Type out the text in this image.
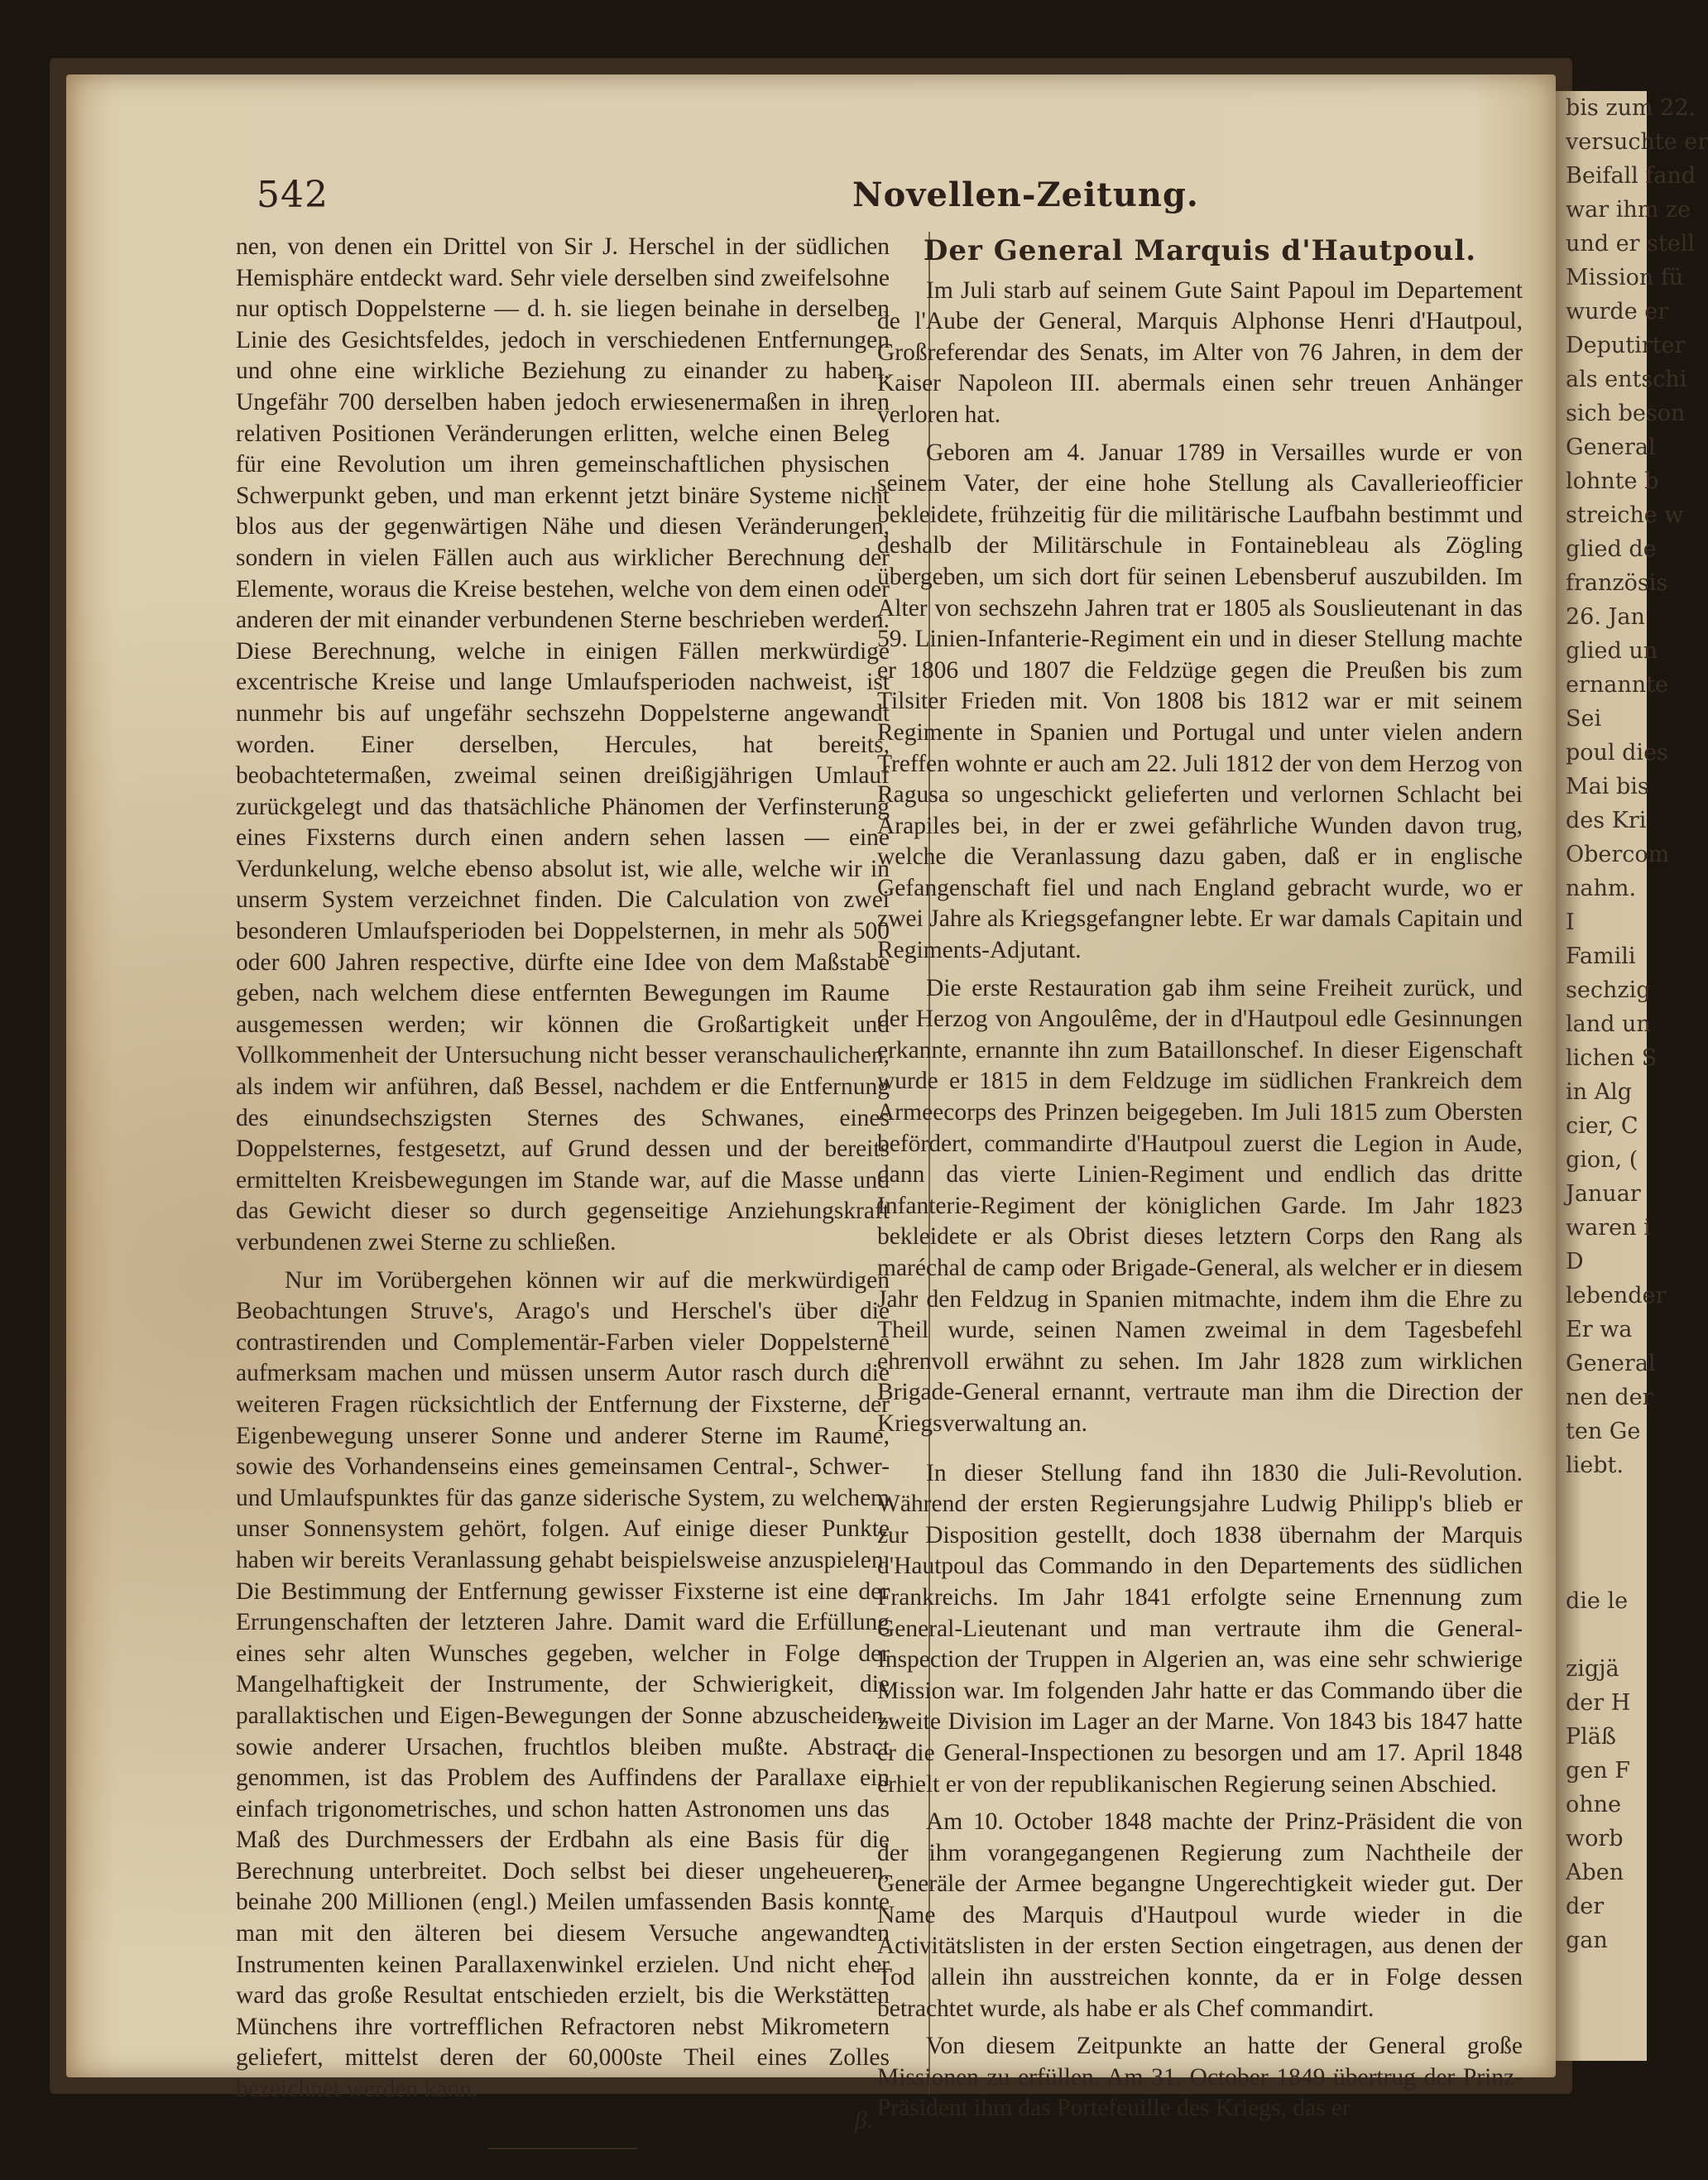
bis zum 22.
versuchte er
Beifall fand
war ihm ze
und er stell
Mission fü
wurde er
Deputirter
als entschi
sich beson
General
lohnte b
streiche w
glied de
französis
26. Jan
glied un
ernannte
Sei
poul dies
Mai bis
des Kri
Obercom
nahm.
I
Famili
sechzig
land un
lichen S
in Alg
cier, C
gion, (
Januar
waren i
D
lebender
Er wa
General
nen der
ten Ge
liebt.

die le

zigjä
der H
Pläß
gen F
ohne
worb
Aben
der
gan
542	Novellen-Zeitung.

nen, von denen ein Drittel von Sir J. Herschel in der südlichen Hemisphäre entdeckt ward. Sehr viele derselben sind zweifelsohne nur optisch Doppelsterne — d. h. sie liegen beinahe in derselben Linie des Gesichtsfeldes, jedoch in verschiedenen Entfernungen und ohne eine wirkliche Beziehung zu einander zu haben. Ungefähr 700 derselben haben jedoch erwiesenermaßen in ihren relativen Positionen Veränderungen erlitten, welche einen Beleg für eine Revolution um ihren gemeinschaftlichen physischen Schwerpunkt geben, und man erkennt jetzt binäre Systeme nicht blos aus der gegenwärtigen Nähe und diesen Veränderungen, sondern in vielen Fällen auch aus wirklicher Berechnung der Elemente, woraus die Kreise bestehen, welche von dem einen oder anderen der mit einander verbundenen Sterne beschrieben werden. Diese Berechnung, welche in einigen Fällen merkwürdige excentrische Kreise und lange Umlaufsperioden nachweist, ist nunmehr bis auf ungefähr sechszehn Doppelsterne angewandt worden. Einer derselben, Hercules, hat bereits, beobachtetermaßen, zweimal seinen dreißigjährigen Umlauf zurückgelegt und das thatsächliche Phänomen der Verfinsterung eines Fixsterns durch einen andern sehen lassen — eine Verdunkelung, welche ebenso absolut ist, wie alle, welche wir in unserm System verzeichnet finden. Die Calculation von zwei besonderen Umlaufsperioden bei Doppelsternen, in mehr als 500 oder 600 Jahren respective, dürfte eine Idee von dem Maßstabe geben, nach welchem diese entfernten Bewegungen im Raume ausgemessen werden; wir können die Großartigkeit und Vollkommenheit der Untersuchung nicht besser veranschaulichen, als indem wir anführen, daß Bessel, nachdem er die Entfernung des einundsechszigsten Sternes des Schwanes, eines Doppelsternes, festgesetzt, auf Grund dessen und der bereits ermittelten Kreisbewegungen im Stande war, auf die Masse und das Gewicht dieser so durch gegenseitige Anziehungskraft verbundenen zwei Sterne zu schließen.

Nur im Vorübergehen können wir auf die merkwürdigen Beobachtungen Struve's, Arago's und Herschel's über die contrastirenden und Complementär-Farben vieler Doppelsterne aufmerksam machen und müssen unserm Autor rasch durch die weiteren Fragen rücksichtlich der Entfernung der Fixsterne, der Eigenbewegung unserer Sonne und anderer Sterne im Raume, sowie des Vorhandenseins eines gemeinsamen Central-, Schwer- und Umlaufspunktes für das ganze siderische System, zu welchem unser Sonnensystem gehört, folgen. Auf einige dieser Punkte haben wir bereits Veranlassung gehabt beispielsweise anzuspielen. Die Bestimmung der Entfernung gewisser Fixsterne ist eine der Errungenschaften der letzteren Jahre. Damit ward die Erfüllung eines sehr alten Wunsches gegeben, welcher in Folge der Mangelhaftigkeit der Instrumente, der Schwierigkeit, die parallaktischen und Eigen-Bewegungen der Sonne abzuscheiden, sowie anderer Ursachen, fruchtlos bleiben mußte. Abstract genommen, ist das Problem des Auffindens der Parallaxe ein einfach trigonometrisches, und schon hatten Astronomen uns das Maß des Durchmessers der Erdbahn als eine Basis für die Berechnung unterbreitet. Doch selbst bei dieser ungeheueren, beinahe 200 Millionen (engl.) Meilen umfassenden Basis konnte man mit den älteren bei diesem Versuche angewandten Instrumenten keinen Parallaxenwinkel erzielen. Und nicht eher ward das große Resultat entschieden erzielt, bis die Werkstätten Münchens ihre vortrefflichen Refractoren nebst Mikrometern geliefert, mittelst deren der 60,000ste Theil eines Zolles bezeichnet werden kann.

β.
Der General Marquis d'Hautpoul.

Im Juli starb auf seinem Gute Saint Papoul im Departement de l'Aube der General, Marquis Alphonse Henri d'Hautpoul, Großreferendar des Senats, im Alter von 76 Jahren, in dem der Kaiser Napoleon III. abermals einen sehr treuen Anhänger verloren hat.

Geboren am 4. Januar 1789 in Versailles wurde er von seinem Vater, der eine hohe Stellung als Cavallerieofficier bekleidete, frühzeitig für die militärische Laufbahn bestimmt und deshalb der Militärschule in Fontainebleau als Zögling übergeben, um sich dort für seinen Lebensberuf auszubilden. Im Alter von sechszehn Jahren trat er 1805 als Souslieutenant in das 59. Linien-Infanterie-Regiment ein und in dieser Stellung machte er 1806 und 1807 die Feldzüge gegen die Preußen bis zum Tilsiter Frieden mit. Von 1808 bis 1812 war er mit seinem Regimente in Spanien und Portugal und unter vielen andern Treffen wohnte er auch am 22. Juli 1812 der von dem Herzog von Ragusa so ungeschickt gelieferten und verlornen Schlacht bei Arapiles bei, in der er zwei gefährliche Wunden davon trug, welche die Veranlassung dazu gaben, daß er in englische Gefangenschaft fiel und nach England gebracht wurde, wo er zwei Jahre als Kriegsgefangner lebte. Er war damals Capitain und Regiments-Adjutant.

Die erste Restauration gab ihm seine Freiheit zurück, und der Herzog von Angoulême, der in d'Hautpoul edle Gesinnungen erkannte, ernannte ihn zum Bataillonschef. In dieser Eigenschaft wurde er 1815 in dem Feldzuge im südlichen Frankreich dem Armeecorps des Prinzen beigegeben. Im Juli 1815 zum Obersten befördert, commandirte d'Hautpoul zuerst die Legion in Aude, dann das vierte Linien-Regiment und endlich das dritte Infanterie-Regiment der königlichen Garde. Im Jahr 1823 bekleidete er als Obrist dieses letztern Corps den Rang als maréchal de camp oder Brigade-General, als welcher er in diesem Jahr den Feldzug in Spanien mitmachte, indem ihm die Ehre zu Theil wurde, seinen Namen zweimal in dem Tagesbefehl ehrenvoll erwähnt zu sehen. Im Jahr 1828 zum wirklichen Brigade-General ernannt, vertraute man ihm die Direction der Kriegsverwaltung an.

In dieser Stellung fand ihn 1830 die Juli-Revolution. Während der ersten Regierungsjahre Ludwig Philipp's blieb er zur Disposition gestellt, doch 1838 übernahm der Marquis d'Hautpoul das Commando in den Departements des südlichen Frankreichs. Im Jahr 1841 erfolgte seine Ernennung zum General-Lieutenant und man vertraute ihm die General-Inspection der Truppen in Algerien an, was eine sehr schwierige Mission war. Im folgenden Jahr hatte er das Commando über die zweite Division im Lager an der Marne. Von 1843 bis 1847 hatte er die General-Inspectionen zu besorgen und am 17. April 1848 erhielt er von der republikanischen Regierung seinen Abschied.

Am 10. October 1848 machte der Prinz-Präsident die von der ihm vorangegangenen Regierung zum Nachtheile der Generäle der Armee begangne Ungerechtigkeit wieder gut. Der Name des Marquis d'Hautpoul wurde wieder in die Activitätslisten in der ersten Section eingetragen, aus denen der Tod allein ihn ausstreichen konnte, da er in Folge dessen betrachtet wurde, als habe er als Chef commandirt.

Von diesem Zeitpunkte an hatte der General große Missionen zu erfüllen. Am 31. October 1849 übertrug der Prinz-Präsident ihm das Portefeuille des Kriegs, das er
